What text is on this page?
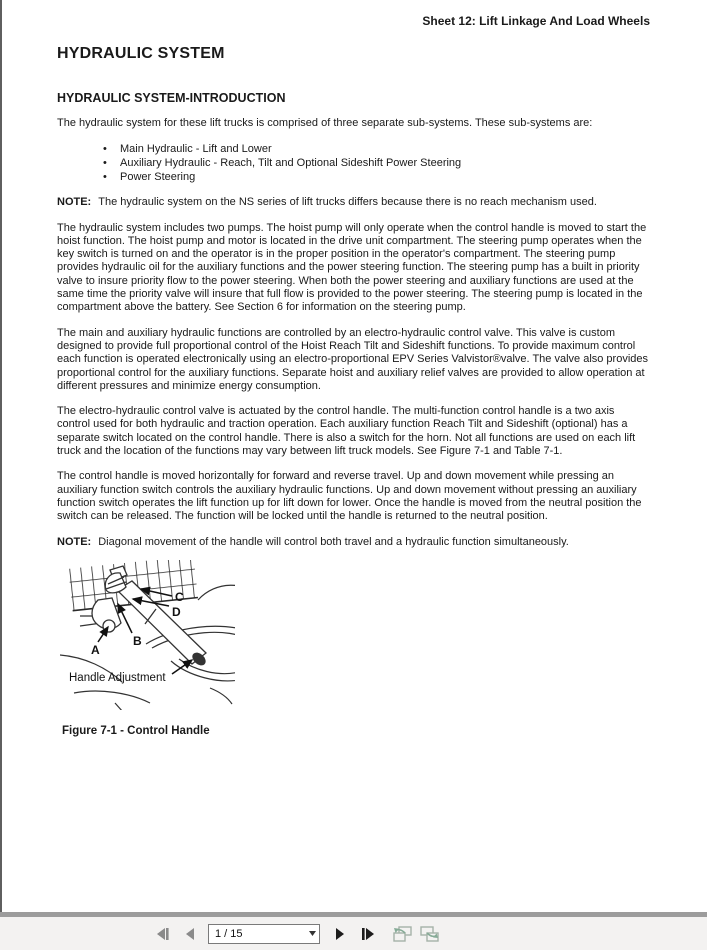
Sheet 12: Lift Linkage And Load Wheels
HYDRAULIC SYSTEM
HYDRAULIC SYSTEM-INTRODUCTION

The hydraulic system for these lift trucks is comprised of three separate sub-systems. These sub-systems are:

•	Main Hydraulic - Lift and Lower
•	Auxiliary Hydraulic - Reach, Tilt and Optional Sideshift Power Steering
•	Power Steering

NOTE: The hydraulic system on the NS series of lift trucks differs because there is no reach mechanism used.

The hydraulic system includes two pumps. The hoist pump will only operate when the control handle is moved to start the hoist function. The hoist pump and motor is located in the drive unit compartment. The steering pump operates when the key switch is turned on and the operator is in the proper position in the operator's compartment. The steering pump provides hydraulic oil for the auxiliary functions and the power steering function. The steering pump has a built in priority valve to insure priority flow to the power steering. When both the power steering and auxiliary functions are used at the same time the priority valve will insure that full flow is provided to the power steering. The steering pump is located in the compartment above the battery. See Section 6 for information on the steering pump.

The main and auxiliary hydraulic functions are controlled by an electro-hydraulic control valve. This valve is custom designed to provide full proportional control of the Hoist Reach Tilt and Sideshift functions. To provide maximum control each function is operated electronically using an electro-proportional EPV Series Valvistor®valve. The valve also provides proportional control for the auxiliary functions. Separate hoist and auxiliary relief valves are provided to allow operation at different pressures and minimize energy consumption.

The electro-hydraulic control valve is actuated by the control handle. The multi-function control handle is a two axis control used for both hydraulic and traction operation. Each auxiliary function Reach Tilt and Sideshift (optional) has a separate switch located on the control handle. There is also a switch for the horn. Not all functions are used on each lift truck and the location of the functions may vary between lift truck models. See Figure 7-1 and Table 7-1.

The control handle is moved horizontally for forward and reverse travel. Up and down movement while pressing an auxiliary function switch controls the auxiliary hydraulic functions. Up and down movement without pressing an auxiliary function switch operates the lift function up for lift down for lower. Once the handle is moved from the neutral position the switch can be released. The function will be locked until the handle is returned to the neutral position.

NOTE: Diagonal movement of the handle will control both travel and a hydraulic function simultaneously.

A
B
C
D
Handle Adjustment
Figure 7-1 - Control Handle
1 / 15
